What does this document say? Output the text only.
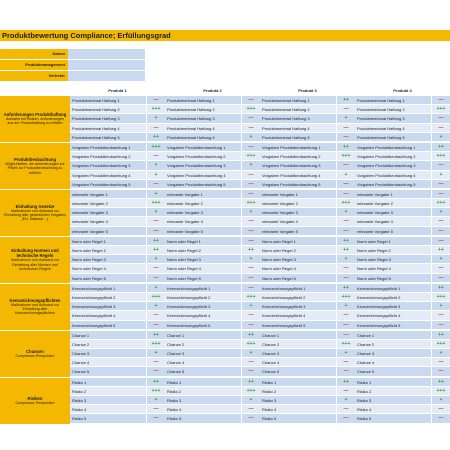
Produktbewertung Compliance; Erfüllungsgrad
Datum
Produktmanagement
Vertreter
Produkt 1	Produkt 2	Produkt 3	Produkt 4
Anforderungen Produkthaftung
Aufwand mit Risiken, Anforderungen aus der Produkthaftung zu erfüllen
Produktmerkmal Haftung 1	—	Produktmerkmal Haftung 1	—	Produktmerkmal Haftung 1	++	Produktmerkmal Haftung 1	—
Produktmerkmal Haftung 2	+++	Produktmerkmal Haftung 2	+++	Produktmerkmal Haftung 2	—	Produktmerkmal Haftung 2	+++
Produktmerkmal Haftung 3	+	Produktmerkmal Haftung 3	—	Produktmerkmal Haftung 3	+	Produktmerkmal Haftung 3	—
Produktmerkmal Haftung 4	—	Produktmerkmal Haftung 4	—	Produktmerkmal Haftung 4	—	Produktmerkmal Haftung 4	—
Produktmerkmal Haftung 5	++	Produktmerkmal Haftung 5	+	Produktmerkmal Haftung 5	—	Produktmerkmal Haftung 5	+
Produktbeobachtung
Möglichkeiten, die Anforderungen zur Pflicht zur Produktbeobachtung zu erfüllen
Vorgaben Produktbeobachtung 1	+++	Vorgaben Produktbeobachtung 1	—	Vorgaben Produktbeobachtung 1	++	Vorgaben Produktbeobachtung 1	++
Vorgaben Produktbeobachtung 2	—	Vorgaben Produktbeobachtung 2	+++	Vorgaben Produktbeobachtung 2	+++	Vorgaben Produktbeobachtung 2	+++
Vorgaben Produktbeobachtung 3	+	Vorgaben Produktbeobachtung 3	+	Vorgaben Produktbeobachtung 3	—	Vorgaben Produktbeobachtung 3	—
Vorgaben Produktbeobachtung 4	+	Vorgaben Produktbeobachtung 4	—	Vorgaben Produktbeobachtung 4	+	Vorgaben Produktbeobachtung 4	+
Vorgaben Produktbeobachtung 5	—	Vorgaben Produktbeobachtung 5	—	Vorgaben Produktbeobachtung 5	—	Vorgaben Produktbeobachtung 5	—
Einhaltung Gesetze
Maßnahmen und Aufwand zur Einhaltung aller gesetzlichen Vorgaben (EU, National ...)
relevante Vorgabe 1	+	relevante Vorgabe 1	—	relevante Vorgabe 1	—	relevante Vorgabe 1	—
relevante Vorgabe 2	+++	relevante Vorgabe 2	+++	relevante Vorgabe 2	+++	relevante Vorgabe 2	+++
relevante Vorgabe 3	+	relevante Vorgabe 3	+	relevante Vorgabe 3	+	relevante Vorgabe 3	+
relevante Vorgabe 4	—	relevante Vorgabe 4	—	relevante Vorgabe 4	—	relevante Vorgabe 4	—
relevante Vorgabe 5	—	relevante Vorgabe 5	—	relevante Vorgabe 5	—	relevante Vorgabe 5	—
Einhaltung Normen und technische Regeln
Maßnahmen und Aufwand zur Einhaltung aller Normen und technischen Regeln
Norm oder Regel 1	++	Norm oder Regel 1	—	Norm oder Regel 1	++	Norm oder Regel 1	—
Norm oder Regel 2	++	Norm oder Regel 2	++	Norm oder Regel 2	++	Norm oder Regel 2	++
Norm oder Regel 3	+	Norm oder Regel 3	+	Norm oder Regel 3	+	Norm oder Regel 3	+
Norm oder Regel 4	—	Norm oder Regel 4	—	Norm oder Regel 4	—	Norm oder Regel 4	—
Norm oder Regel 5	—	Norm oder Regel 5	—	Norm oder Regel 5	—	Norm oder Regel 5	—
Kennzeichnungspflichten
Maßnahmen und Aufwand zur Einhaltung aller Kennzeichnungspflichten
Kennzeichnungspflicht 1	+	Kennzeichnungspflicht 1	—	Kennzeichnungspflicht 1	++	Kennzeichnungspflicht 1	++
Kennzeichnungspflicht 2	+++	Kennzeichnungspflicht 2	+++	Kennzeichnungspflicht 2	+++	Kennzeichnungspflicht 2	+++
Kennzeichnungspflicht 3	+	Kennzeichnungspflicht 3	+	Kennzeichnungspflicht 3	+	Kennzeichnungspflicht 3	+
Kennzeichnungspflicht 4	—	Kennzeichnungspflicht 4	—	Kennzeichnungspflicht 4	—	Kennzeichnungspflicht 4	—
Kennzeichnungspflicht 5	—	Kennzeichnungspflicht 5	—	Kennzeichnungspflicht 5	—	Kennzeichnungspflicht 5	—
Chancen
Compliance-Perspektive
Chance 1	++	Chance 1	++	Chance 1	—	Chance 1	++
Chance 2	+++	Chance 2	+++	Chance 2	+++	Chance 2	+++
Chance 3	+	Chance 3	+	Chance 3	+	Chance 3	+
Chance 4	—	Chance 4	—	Chance 4	—	Chance 4	—
Chance 5	—	Chance 5	—	Chance 5	—	Chance 5	—
Risiken
Compliance-Perspektive
Risiko 1	++	Risiko 1	++	Risiko 1	++	Risiko 1	++
Risiko 2	+++	Risiko 2	+++	Risiko 2	—	Risiko 2	+++
Risiko 3	+	Risiko 3	+	Risiko 3	+	Risiko 3	+
Risiko 4	—	Risiko 4	—	Risiko 4	—	Risiko 4	—
Risiko 5	—	Risiko 5	—	Risiko 5	—	Risiko 5	—
